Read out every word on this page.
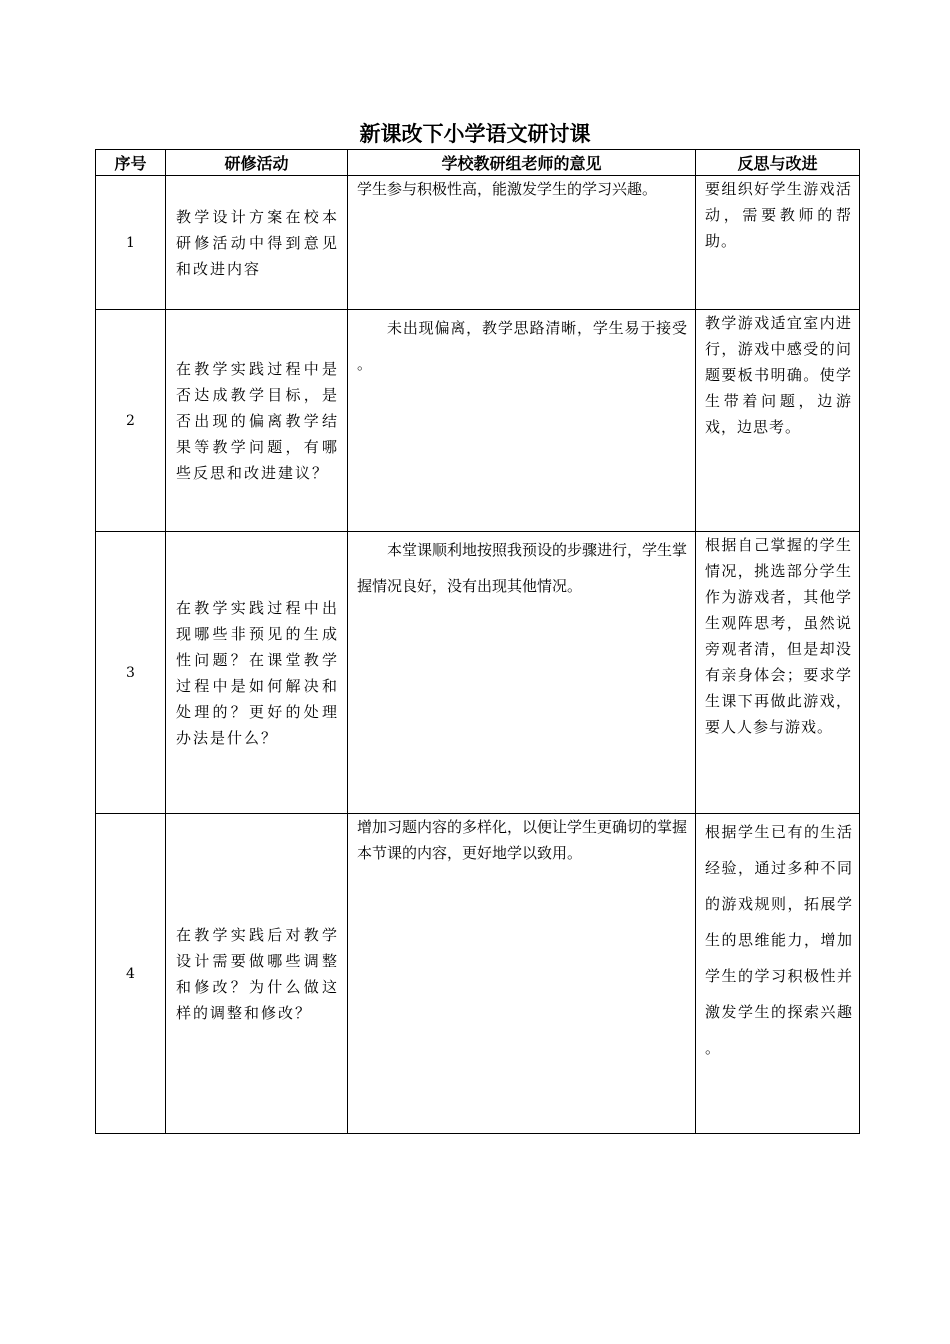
新课改下小学语文研讨课
序号	研修活动	学校教研组老师的意见	反思与改进
1	教学设计方案在校本研修活动中得到意见和改进内容	学生参与积极性高，能激发学生的学习兴趣。	要组织好学生游戏活动，需要教师的帮助。
2	在教学实践过程中是否达成教学目标，是否出现的偏离教学结果等教学问题，有哪些反思和改进建议？	未出现偏离，教学思路清晰，学生易于接受 。	教学游戏适宜室内进行，游戏中感受的问题要板书明确。使学生带着问题，边游戏，边思考。
3	在教学实践过程中出现哪些非预见的生成性问题？在课堂教学过程中是如何解决和处理的？更好的处理办法是什么？	本堂课顺利地按照我预设的步骤进行，学生掌握情况良好，没有出现其他情况。	根据自己掌握的学生情况，挑选部分学生作为游戏者，其他学生观阵思考，虽然说旁观者清，但是却没有亲身体会；要求学生课下再做此游戏，要人人参与游戏。
4	在教学实践后对教学设计需要做哪些调整和修改？为什么做这样的调整和修改？	增加习题内容的多样化，以便让学生更确切的掌握本节课的内容，更好地学以致用。	根据学生已有的生活经验，通过多种不同的游戏规则，拓展学生的思维能力，增加学生的学习积极性并激发学生的探索兴趣 。
